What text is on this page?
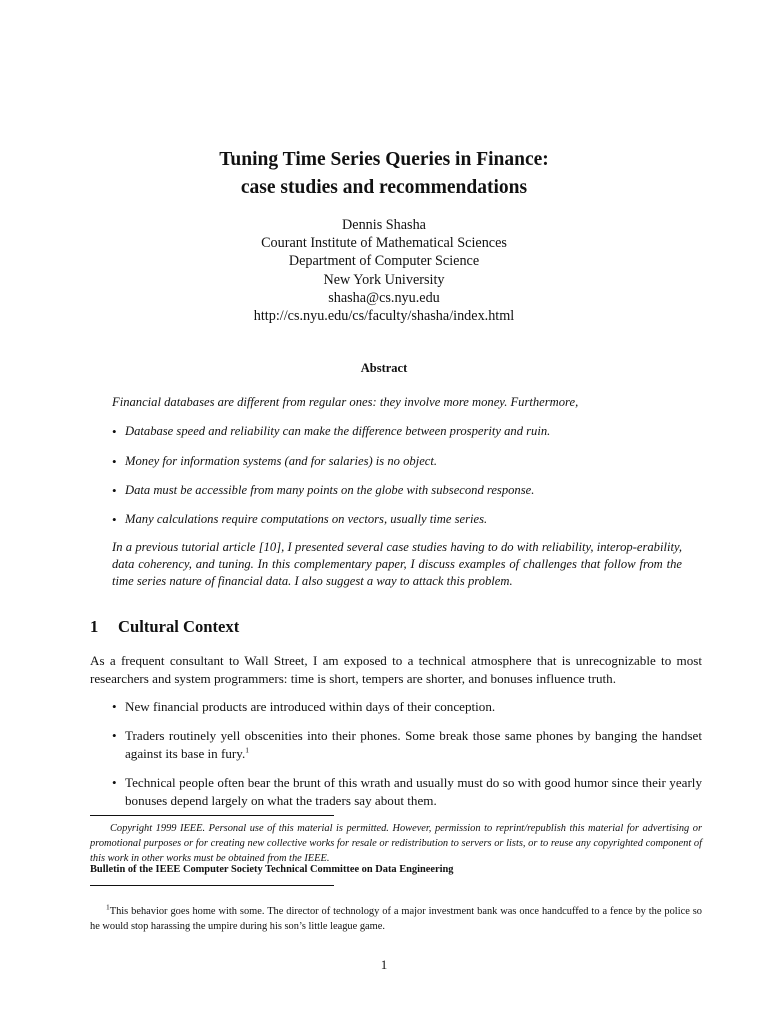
Tuning Time Series Queries in Finance:
case studies and recommendations
Dennis Shasha
Courant Institute of Mathematical Sciences
Department of Computer Science
New York University
shasha@cs.nyu.edu
http://cs.nyu.edu/cs/faculty/shasha/index.html
Abstract
Financial databases are different from regular ones: they involve more money. Furthermore,
• Database speed and reliability can make the difference between prosperity and ruin.
• Money for information systems (and for salaries) is no object.
• Data must be accessible from many points on the globe with subsecond response.
• Many calculations require computations on vectors, usually time series.
In a previous tutorial article [10], I presented several case studies having to do with reliability, interop-erability, data coherency, and tuning. In this complementary paper, I discuss examples of challenges that follow from the time series nature of financial data. I also suggest a way to attack this problem.
1 Cultural Context
As a frequent consultant to Wall Street, I am exposed to a technical atmosphere that is unrecognizable to most researchers and system programmers: time is short, tempers are shorter, and bonuses influence truth.
• New financial products are introduced within days of their conception.
• Traders routinely yell obscenities into their phones. Some break those same phones by banging the handset against its base in fury.$^1$
• Technical people often bear the brunt of this wrath and usually must do so with good humor since their yearly bonuses depend largely on what the traders say about them.
Copyright 1999 IEEE. Personal use of this material is permitted. However, permission to reprint/republish this material for advertising or promotional purposes or for creating new collective works for resale or redistribution to servers or lists, or to reuse any copyrighted component of this work in other works must be obtained from the IEEE.
Bulletin of the IEEE Computer Society Technical Committee on Data Engineering
$^1$This behavior goes home with some. The director of technology of a major investment bank was once handcuffed to a fence by the police so he would stop harassing the umpire during his son’s little league game.
1
